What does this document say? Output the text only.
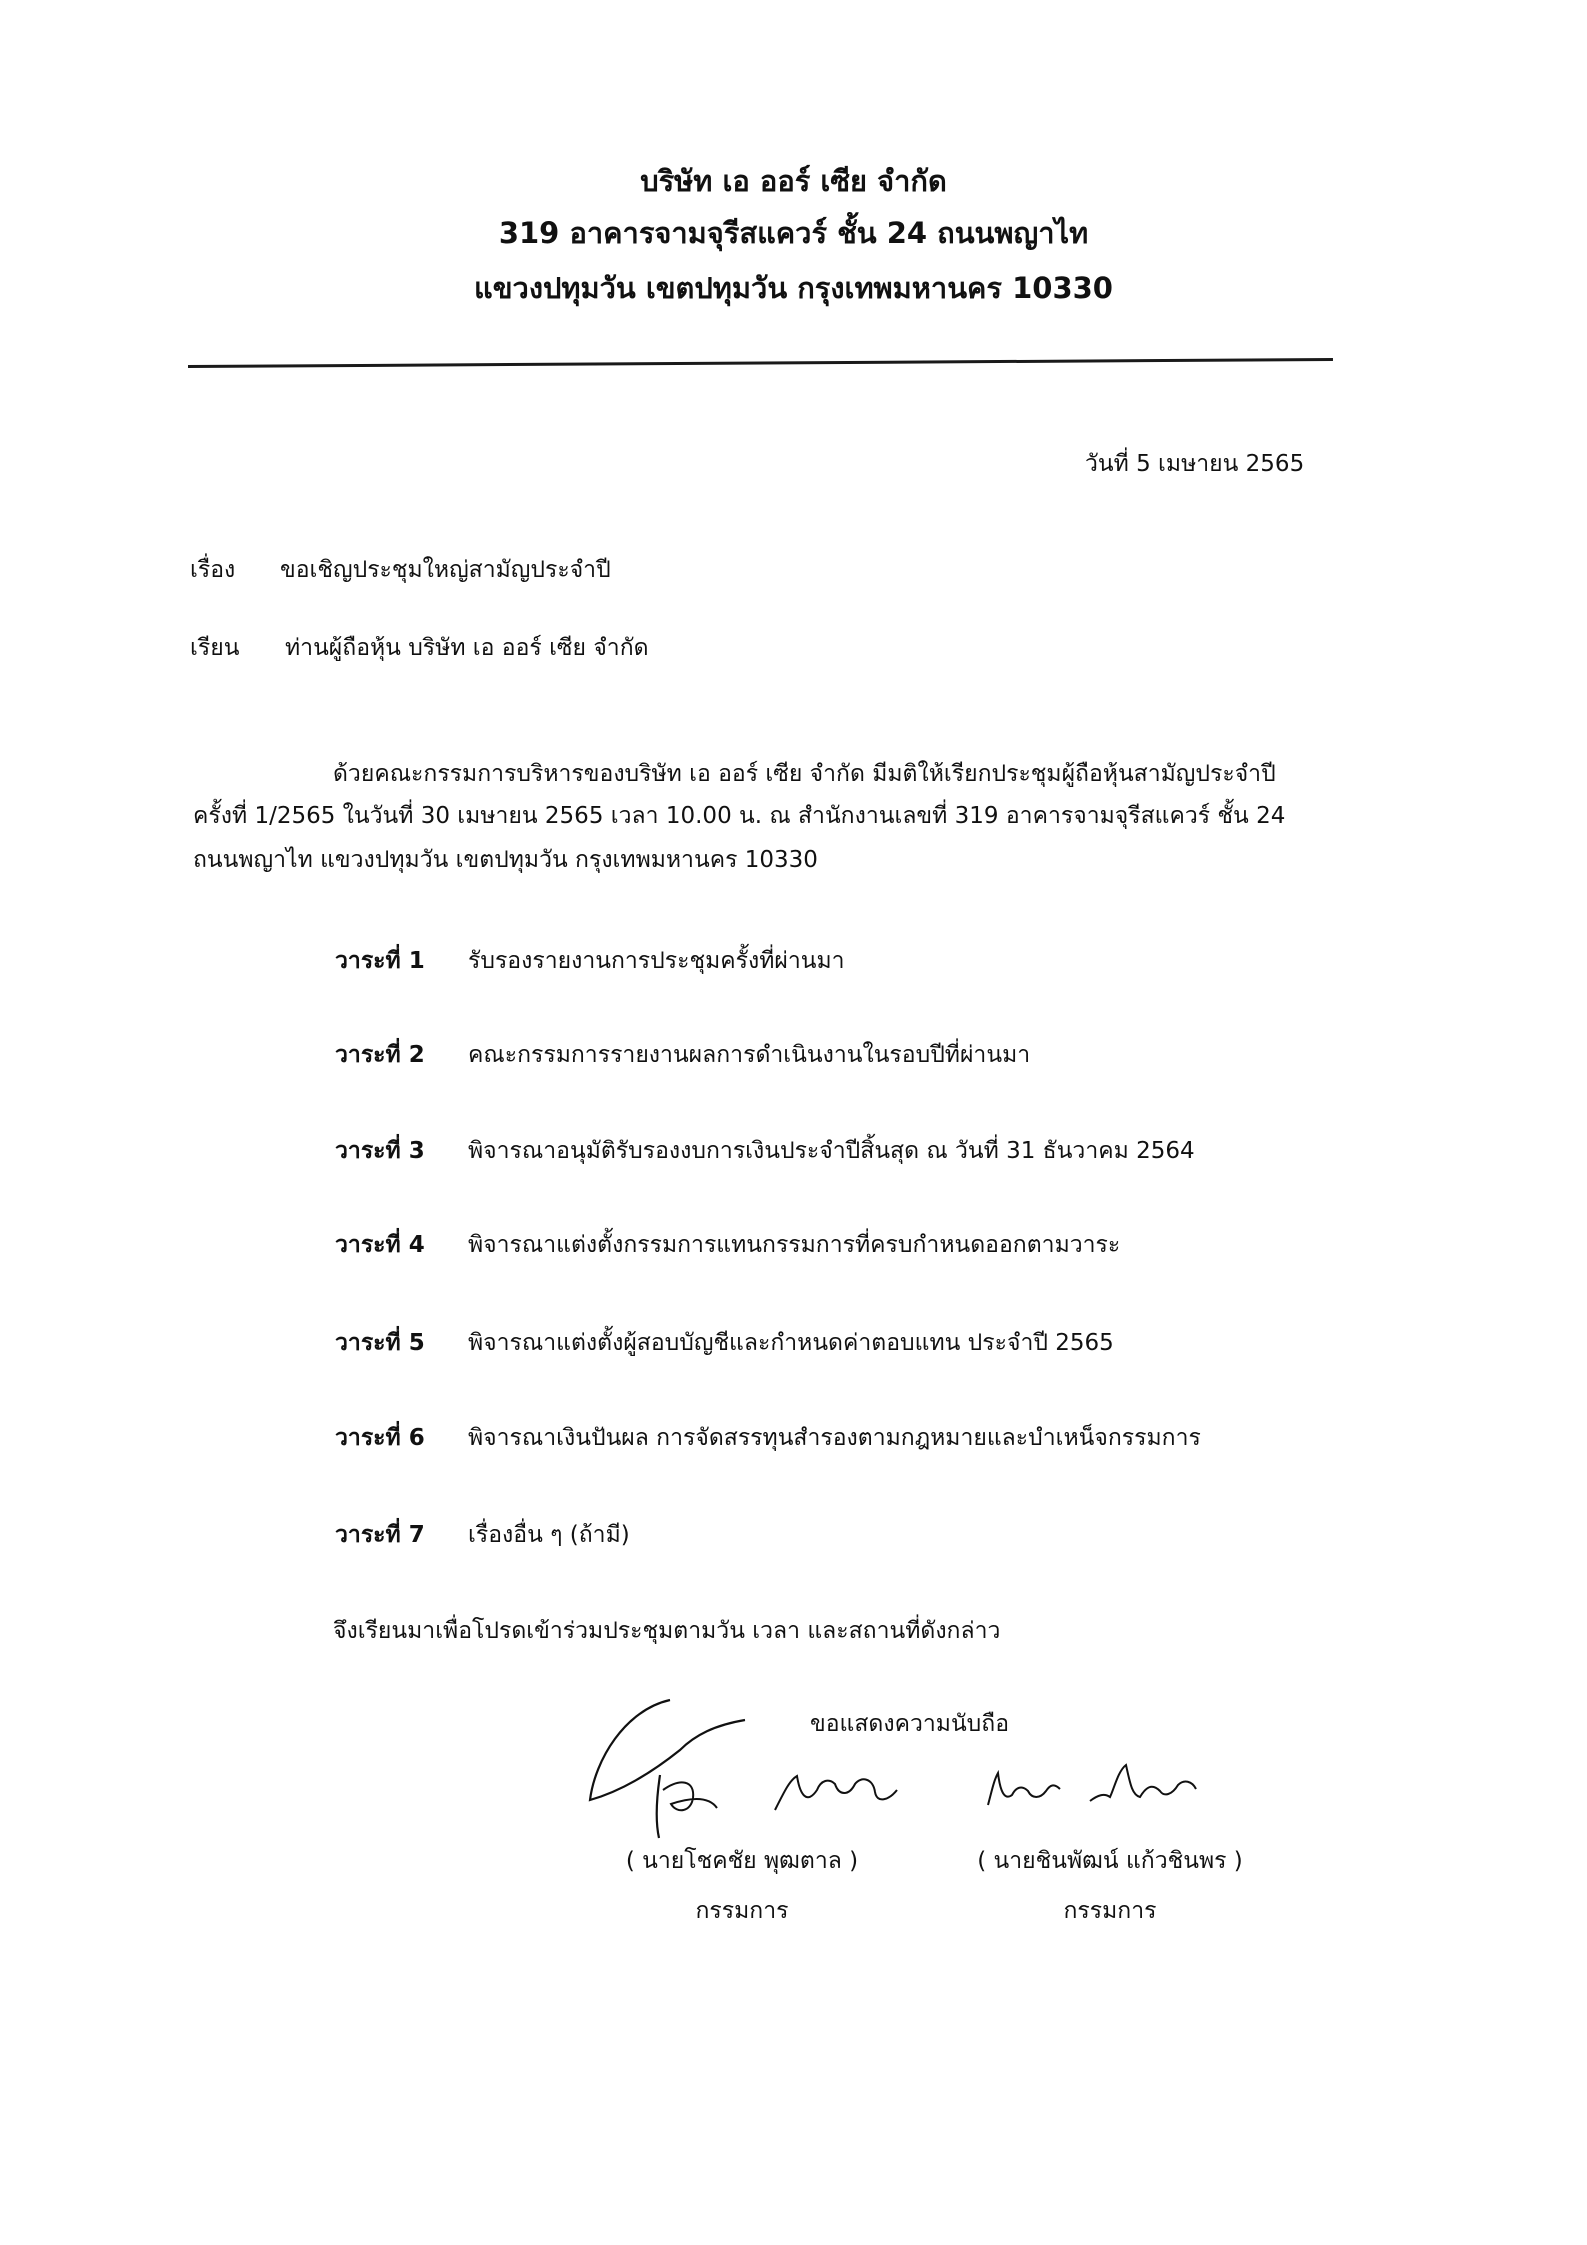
บริษัท เอ ออร์ เซีย จำกัด
319 อาคารจามจุรีสแควร์ ชั้น 24 ถนนพญาไท
แขวงปทุมวัน เขตปทุมวัน กรุงเทพมหานคร 10330
วันที่ 5 เมษายน 2565
เรื่อง ขอเชิญประชุมใหญ่สามัญประจำปี
เรียน ท่านผู้ถือหุ้น บริษัท เอ ออร์ เซีย จำกัด
ด้วยคณะกรรมการบริหารของบริษัท เอ ออร์ เซีย จำกัด มีมติให้เรียกประชุมผู้ถือหุ้นสามัญประจำปี
ครั้งที่ 1/2565 ในวันที่ 30 เมษายน 2565 เวลา 10.00 น. ณ สำนักงานเลขที่ 319 อาคารจามจุรีสแควร์ ชั้น 24
ถนนพญาไท แขวงปทุมวัน เขตปทุมวัน กรุงเทพมหานคร 10330
วาระที่ 1 รับรองรายงานการประชุมครั้งที่ผ่านมา
วาระที่ 2 คณะกรรมการรายงานผลการดำเนินงานในรอบปีที่ผ่านมา
วาระที่ 3 พิจารณาอนุมัติรับรองงบการเงินประจำปีสิ้นสุด ณ วันที่ 31 ธันวาคม 2564
วาระที่ 4 พิจารณาแต่งตั้งกรรมการแทนกรรมการที่ครบกำหนดออกตามวาระ
วาระที่ 5 พิจารณาแต่งตั้งผู้สอบบัญชีและกำหนดค่าตอบแทน ประจำปี 2565
วาระที่ 6 พิจารณาเงินปันผล การจัดสรรทุนสำรองตามกฎหมายและบำเหน็จกรรมการ
วาระที่ 7 เรื่องอื่น ๆ (ถ้ามี)
จึงเรียนมาเพื่อโปรดเข้าร่วมประชุมตามวัน เวลา และสถานที่ดังกล่าว
ขอแสดงความนับถือ
( นายโชคชัย พุฒตาล )
กรรมการ
( นายชินพัฒน์ แก้วชินพร )
กรรมการ
